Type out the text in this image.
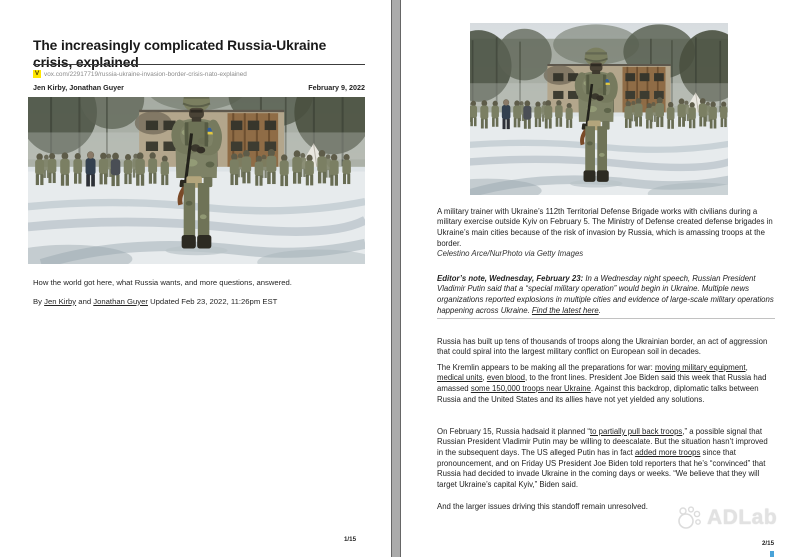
The increasingly complicated Russia-Ukraine crisis, explained
V vox.com/22917719/russia-ukraine-invasion-border-crisis-nato-explained
Jen Kirby, Jonathan Guyer	February 9, 2022

How the world got here, what Russia wants, and more questions, answered.

By Jen Kirby and Jonathan Guyer Updated Feb 23, 2022, 11:26pm EST

1/15

A military trainer with Ukraine’s 112th Territorial Defense Brigade works with civilians during a military exercise outside Kyiv on February 5. The Ministry of Defense created defense brigades in Ukraine’s main cities because of the risk of invasion by Russia, which is amassing troops at the border.
Celestino Arce/NurPhoto via Getty Images

Editor’s note, Wednesday, February 23: In a Wednesday night speech, Russian President Vladimir Putin said that a “special military operation” would begin in Ukraine. Multiple news organizations reported explosions in multiple cities and evidence of large-scale military operations happening across Ukraine. Find the latest here.

Russia has built up tens of thousands of troops along the Ukrainian border, an act of aggression that could spiral into the largest military conflict on European soil in decades.

The Kremlin appears to be making all the preparations for war: moving military equipment, medical units, even blood, to the front lines. President Joe Biden said this week that Russia had amassed some 150,000 troops near Ukraine. Against this backdrop, diplomatic talks between Russia and the United States and its allies have not yet yielded any solutions.

On February 15, Russia hadsaid it planned “to partially pull back troops,” a possible signal that Russian President Vladimir Putin may be willing to deescalate. But the situation hasn’t improved in the subsequent days. The US alleged Putin has in fact added more troops since that pronouncement, and on Friday US President Joe Biden told reporters that he’s “convinced” that Russia had decided to invade Ukraine in the coming days or weeks. “We believe that they will target Ukraine’s capital Kyiv,” Biden said.

And the larger issues driving this standoff remain unresolved.	ADLab
2/15
